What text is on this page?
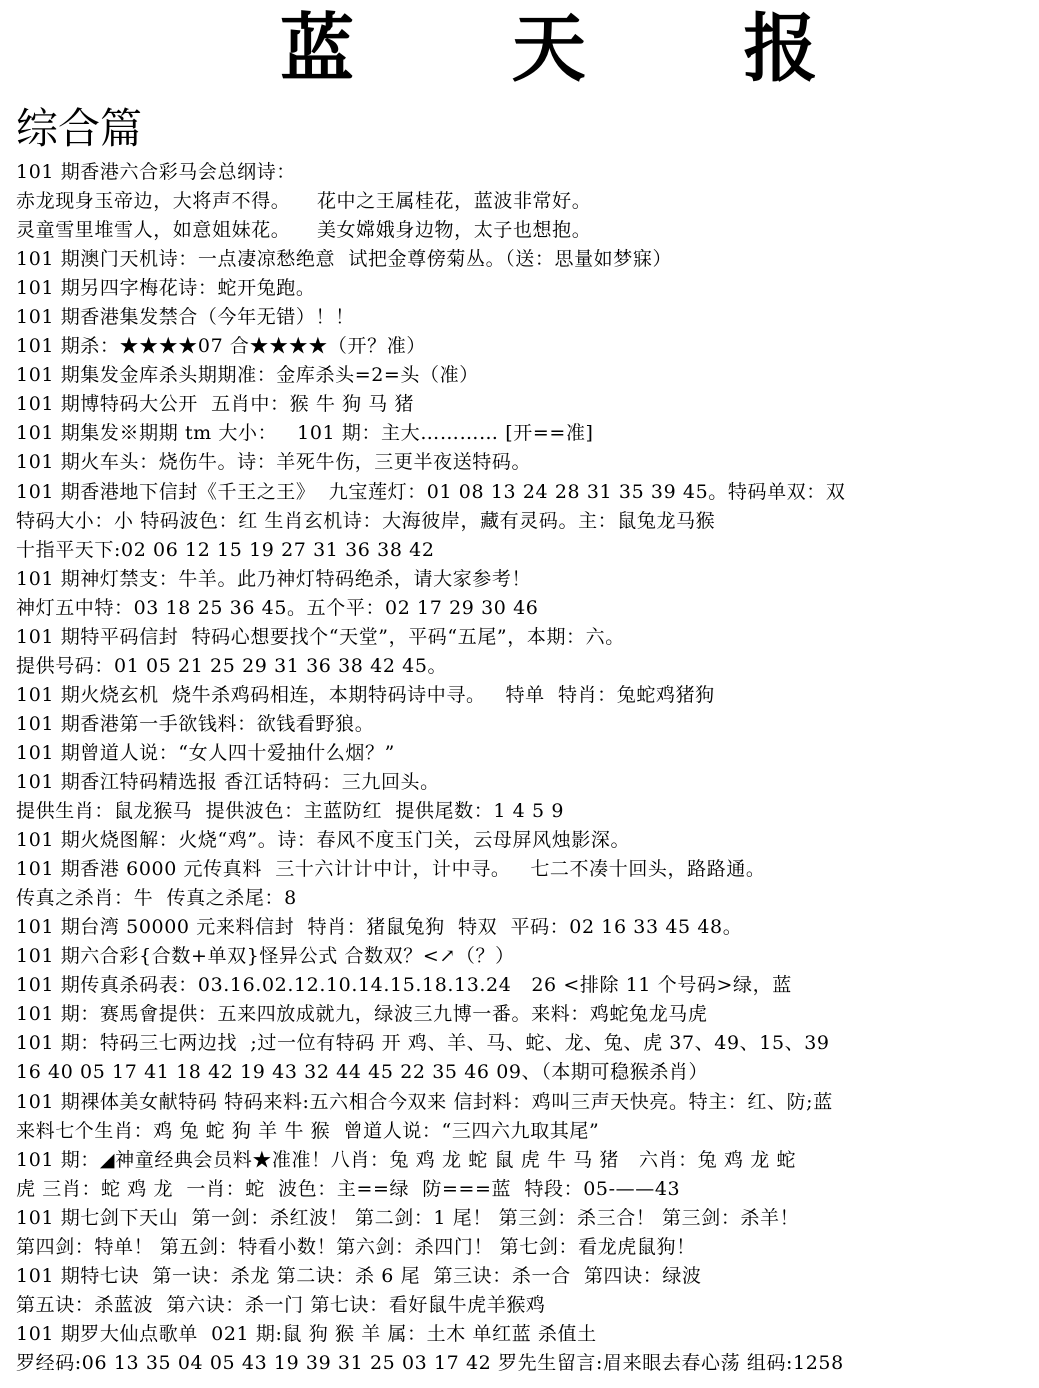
蓝 天 报
综合篇
101 期香港六合彩马会总纲诗：
赤龙现身玉帝边，大将声不得。    花中之王属桂花，蓝波非常好。
灵童雪里堆雪人，如意姐妹花。    美女嫦娥身边物，太子也想抱。
101 期澳门天机诗：一点凄凉愁绝意  试把金尊傍菊丛。（送：思量如梦寐）
101 期另四字梅花诗：蛇开兔跑。
101 期香港集发禁合（今年无错）！！
101 期杀：★★★★07 合★★★★（开？准）
101 期集发金库杀头期期准：金库杀头=2=头（准）
101 期博特码大公开  五肖中：猴 牛 狗 马 猪
101 期集发※期期 tm 大小：   101 期：主大………… [开==准]
101 期火车头：烧伤牛。诗：羊死牛伤，三更半夜送特码。
101 期香港地下信封《千王之王》  九宝莲灯：01 08 13 24 28 31 35 39 45。特码单双：双
特码大小：小 特码波色：红 生肖玄机诗：大海彼岸，藏有灵码。主：鼠兔龙马猴
十指平天下:02 06 12 15 19 27 31 36 38 42
101 期神灯禁支：牛羊。此乃神灯特码绝杀，请大家参考！
神灯五中特：03 18 25 36 45。五个平：02 17 29 30 46
101 期特平码信封  特码心想要找个“天堂”，平码“五尾”，本期：六。
提供号码：01 05 21 25 29 31 36 38 42 45。
101 期火烧玄机  烧牛杀鸡码相连，本期特码诗中寻。   特单  特肖：兔蛇鸡猪狗
101 期香港第一手欲钱料：欲钱看野狼。
101 期曾道人说：“女人四十爱抽什么烟？”
101 期香江特码精选报 香江话特码：三九回头。
提供生肖：鼠龙猴马  提供波色：主蓝防红  提供尾数：1 4 5 9
101 期火烧图解：火烧“鸡”。诗：春风不度玉门关，云母屏风烛影深。
101 期香港 6000 元传真料  三十六计计中计，计中寻。   七二不凑十回头，路路通。
传真之杀肖：牛  传真之杀尾：8
101 期台湾 50000 元来料信封  特肖：猪鼠兔狗  特双  平码：02 16 33 45 48。
101 期六合彩{合数+单双}怪异公式 合数双？<↗（？）
101 期传真杀码表：03.16.02.12.10.14.15.18.13.24   26 <排除 11 个号码>绿，蓝
101 期：赛馬會提供：五来四放成就九，绿波三九博一番。来料：鸡蛇兔龙马虎
101 期：特码三七两边找  ;过一位有特码 开 鸡、羊、马、蛇、龙、兔、虎 37、49、15、39
16 40 05 17 41 18 42 19 43 32 44 45 22 35 46 09、（本期可稳猴杀肖）
101 期裸体美女献特码 特码来料:五六相合今双来 信封料：鸡叫三声天快亮。特主：红、防;蓝
来料七个生肖：鸡 兔 蛇 狗 羊 牛 猴  曾道人说：“三四六九取其尾”
101 期：◢神童经典会员料★准准！八肖：兔 鸡 龙 蛇 鼠 虎 牛 马 猪   六肖：兔 鸡 龙 蛇
虎 三肖：蛇 鸡 龙  一肖：蛇  波色：主==绿  防===蓝  特段：05-——43
101 期七剑下天山  第一剑：杀红波！ 第二剑：1 尾！ 第三剑：杀三合！ 第三剑：杀羊！
第四剑：特单！ 第五剑：特看小数！第六剑：杀四门！ 第七剑：看龙虎鼠狗！
101 期特七诀  第一诀：杀龙 第二诀：杀 6 尾  第三诀：杀一合  第四诀：绿波
第五诀：杀蓝波  第六诀：杀一门 第七诀：看好鼠牛虎羊猴鸡
101 期罗大仙点歌单  021 期:鼠 狗 猴 羊 属：土木 单红蓝 杀值土
罗经码:06 13 35 04 05 43 19 39 31 25 03 17 42 罗先生留言:眉来眼去春心荡 组码:1258
